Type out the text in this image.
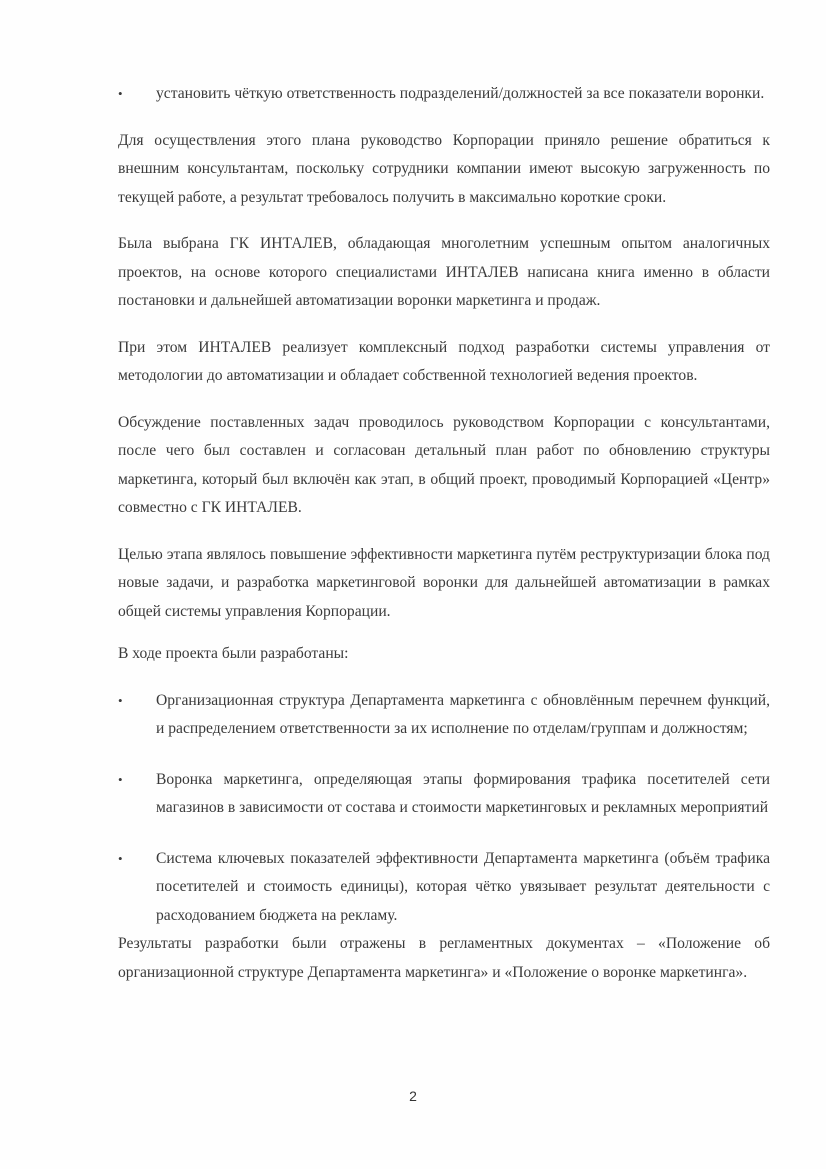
•	установить чёткую ответственность подразделений/должностей за все показатели воронки.

Для осуществления этого плана руководство Корпорации приняло решение обратиться к внешним консультантам, поскольку сотрудники компании имеют высокую загруженность по текущей работе, а результат требовалось получить в максимально короткие сроки.

Была выбрана ГК ИНТАЛЕВ, обладающая многолетним успешным опытом аналогичных проектов, на основе которого специалистами ИНТАЛЕВ написана книга именно в области постановки и дальнейшей автоматизации воронки маркетинга и продаж.

При этом ИНТАЛЕВ реализует комплексный подход разработки системы управления от методологии до автоматизации и обладает собственной технологией ведения проектов.

Обсуждение поставленных задач проводилось руководством Корпорации с консультантами, после чего был составлен и согласован детальный план работ по обновлению структуры маркетинга, который был включён как этап, в общий проект, проводимый Корпорацией «Центр» совместно с ГК ИНТАЛЕВ.

Целью этапа являлось повышение эффективности маркетинга путём реструктуризации блока под новые задачи, и разработка маркетинговой воронки для дальнейшей автоматизации в рамках общей системы управления Корпорации.

В ходе проекта были разработаны:

•	Организационная структура Департамента маркетинга с обновлённым перечнем функций, и распределением ответственности за их исполнение по отделам/группам и должностям;

•	Воронка маркетинга, определяющая этапы формирования трафика посетителей сети магазинов в зависимости от состава и стоимости маркетинговых и рекламных мероприятий

•	Система ключевых показателей эффективности Департамента маркетинга (объём трафика посетителей и стоимость единицы), которая чётко увязывает результат деятельности с расходованием бюджета на рекламу.

Результаты разработки были отражены в регламентных документах – «Положение об организационной структуре Департамента маркетинга» и «Положение о воронке маркетинга».

2
